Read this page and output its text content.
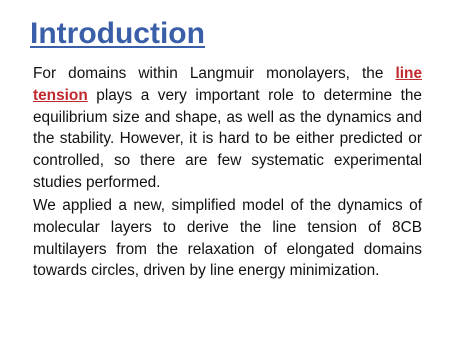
Introduction

For domains within Langmuir monolayers, the line tension plays a very important role to determine the equilibrium size and shape, as well as the dynamics and the stability. However, it is hard to be either predicted or controlled, so there are few systematic experimental studies performed.

We applied a new, simplified model of the dynamics of molecular layers to derive the line tension of 8CB multilayers from the relaxation of elongated domains towards circles, driven by line energy minimization.
